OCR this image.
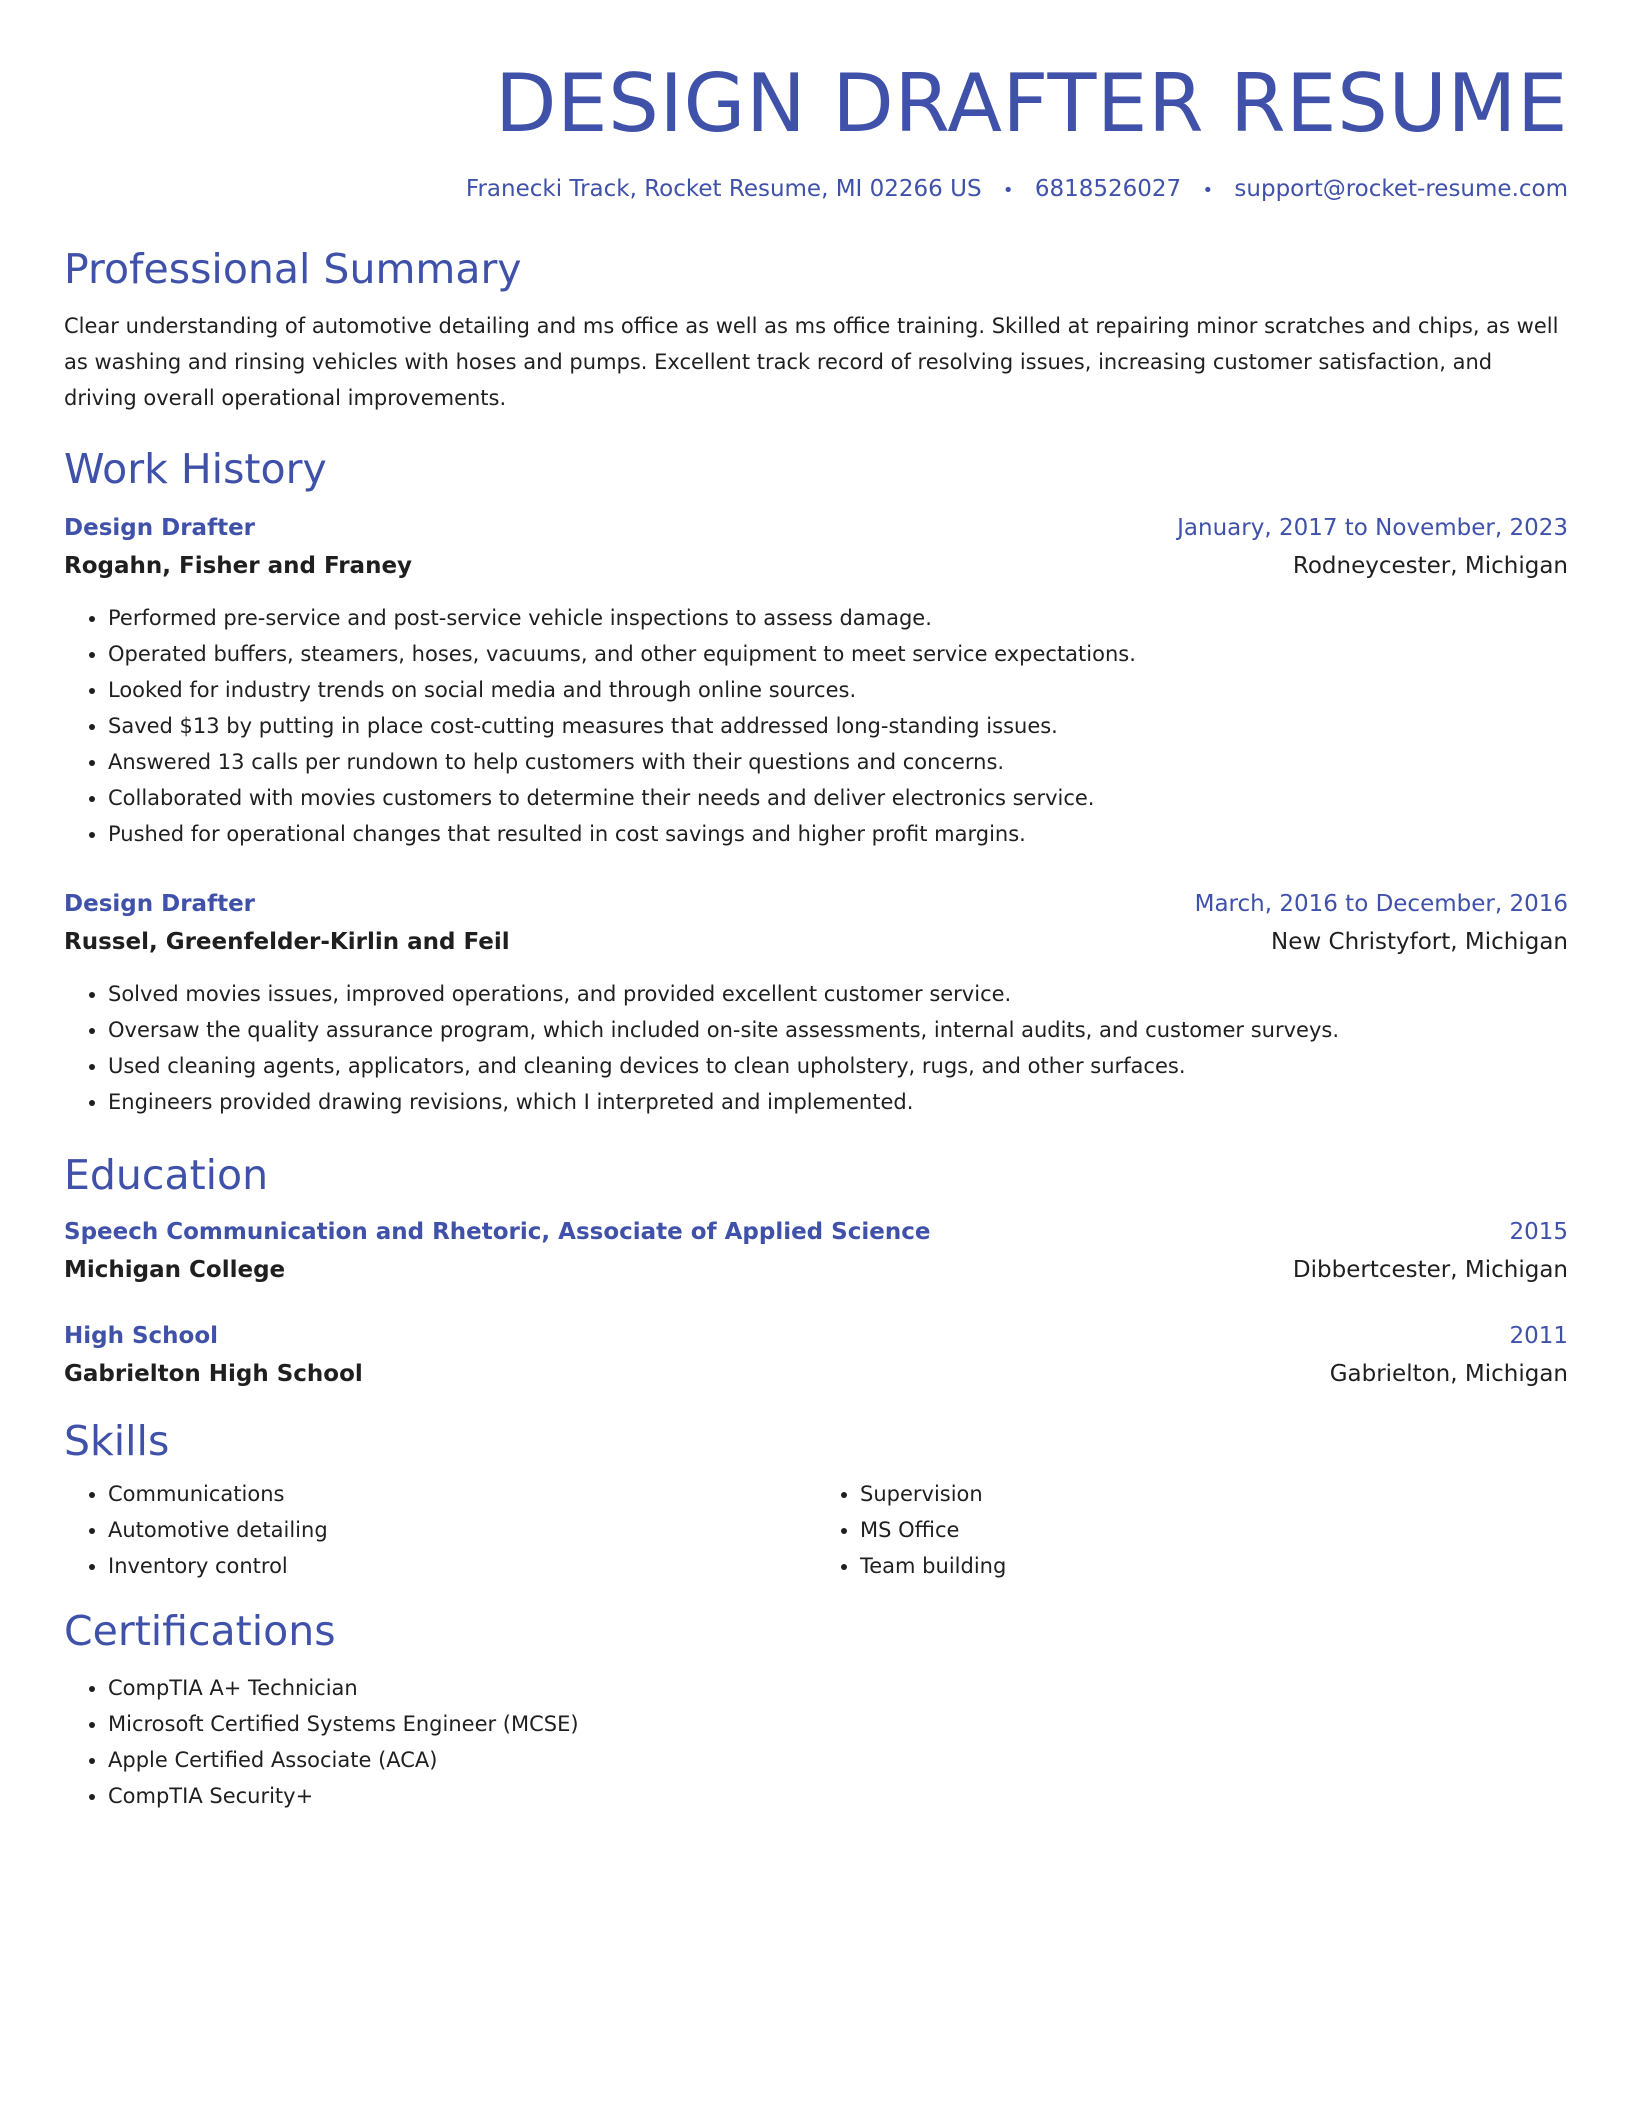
DESIGN DRAFTER RESUME
Franecki Track, Rocket Resume, MI 02266 US • 6818526027 • support@rocket-resume.com
Professional Summary

Clear understanding of automotive detailing and ms office as well as ms office training. Skilled at repairing minor scratches and chips, as well as washing and rinsing vehicles with hoses and pumps. Excellent track record of resolving issues, increasing customer satisfaction, and driving overall operational improvements.

Work History
Design Drafter	January, 2017 to November, 2023
Rogahn, Fisher and Franey	Rodneycester, Michigan
• Performed pre-service and post-service vehicle inspections to assess damage.
• Operated buffers, steamers, hoses, vacuums, and other equipment to meet service expectations.
• Looked for industry trends on social media and through online sources.
• Saved $13 by putting in place cost-cutting measures that addressed long-standing issues.
• Answered 13 calls per rundown to help customers with their questions and concerns.
• Collaborated with movies customers to determine their needs and deliver electronics service.
• Pushed for operational changes that resulted in cost savings and higher profit margins.
Design Drafter	March, 2016 to December, 2016
Russel, Greenfelder-Kirlin and Feil	New Christyfort, Michigan
• Solved movies issues, improved operations, and provided excellent customer service.
• Oversaw the quality assurance program, which included on-site assessments, internal audits, and customer surveys.
• Used cleaning agents, applicators, and cleaning devices to clean upholstery, rugs, and other surfaces.
• Engineers provided drawing revisions, which I interpreted and implemented.
Education
Speech Communication and Rhetoric, Associate of Applied Science	2015
Michigan College	Dibbertcester, Michigan
High School	2011
Gabrielton High School	Gabrielton, Michigan
Skills
• Communications
• Automotive detailing
• Inventory control
• Supervision
• MS Office
• Team building
Certifications
• CompTIA A+ Technician
• Microsoft Certified Systems Engineer (MCSE)
• Apple Certified Associate (ACA)
• CompTIA Security+
